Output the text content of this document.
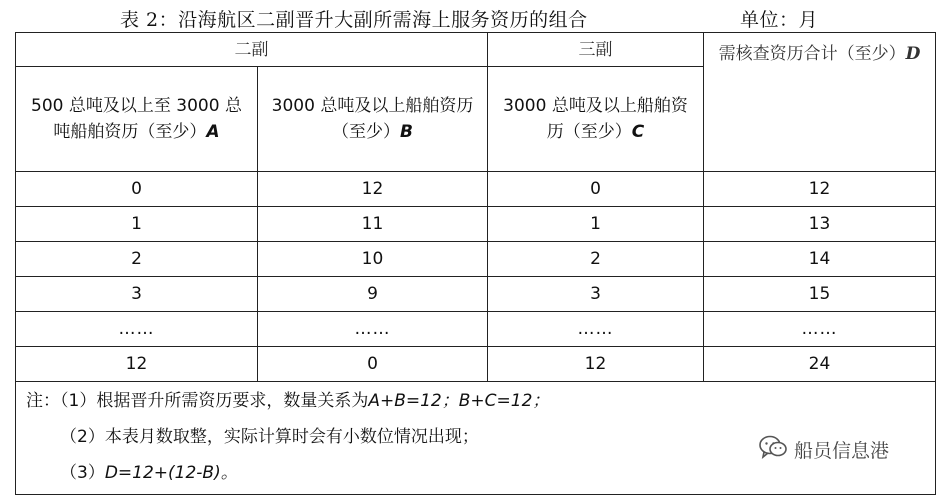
表 2：沿海航区二副晋升大副所需海上服务资历的组合	单位：月
二副		三副	需核查资历合计（至少）D
500 总吨及以上至 3000 总吨船舶资历（至少）A	3000 总吨及以上船舶资历（至少）B	3000 总吨及以上船舶资历（至少）C	
0	12	0	12
1	11	1	13
2	10	2	14
3	9	3	15
……	……	……	……
12	0	12	24

注：（1）根据晋升所需资历要求，数量关系为A+B=12；B+C=12；
（2）本表月数取整，实际计算时会有小数位情况出现；
（3）D=12+(12-B)。			
船员信息港
